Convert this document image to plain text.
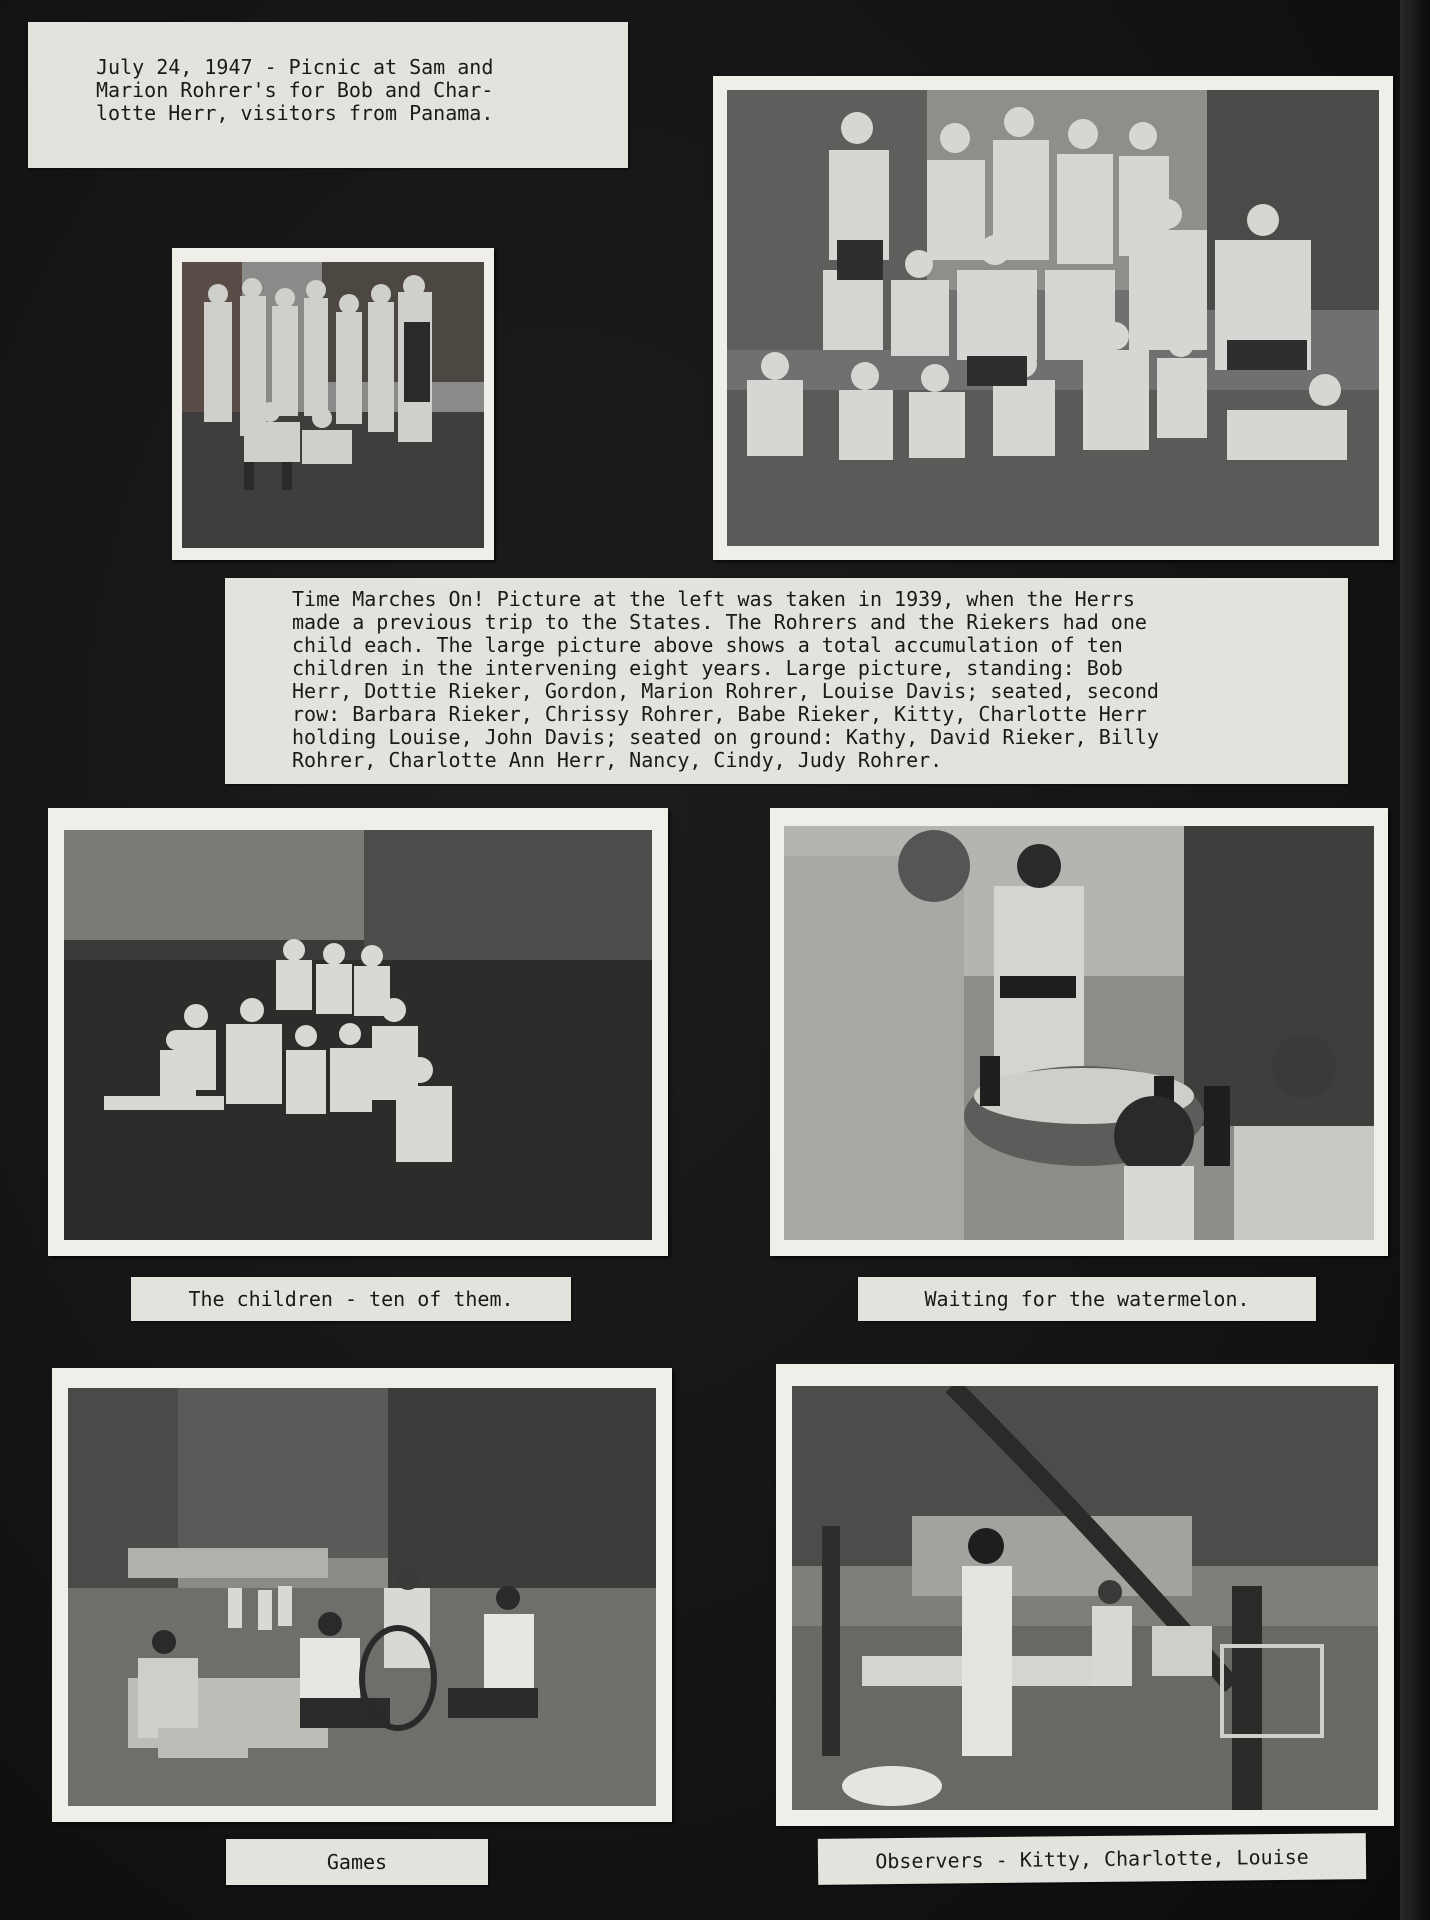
July 24, 1947 - Picnic at Sam and
Marion Rohrer's for Bob and Char-
lotte Herr, visitors from Panama.
Time Marches On! Picture at the left was taken in 1939, when the Herrs
made a previous trip to the States. The Rohrers and the Riekers had one
child each. The large picture above shows a total accumulation of ten
children in the intervening eight years. Large picture, standing: Bob
Herr, Dottie Rieker, Gordon, Marion Rohrer, Louise Davis; seated, second
row: Barbara Rieker, Chrissy Rohrer, Babe Rieker, Kitty, Charlotte Herr
holding Louise, John Davis; seated on ground: Kathy, David Rieker, Billy
Rohrer, Charlotte Ann Herr, Nancy, Cindy, Judy Rohrer.
The children - ten of them.	Waiting for the watermelon.
Games	Observers - Kitty, Charlotte, Louise
